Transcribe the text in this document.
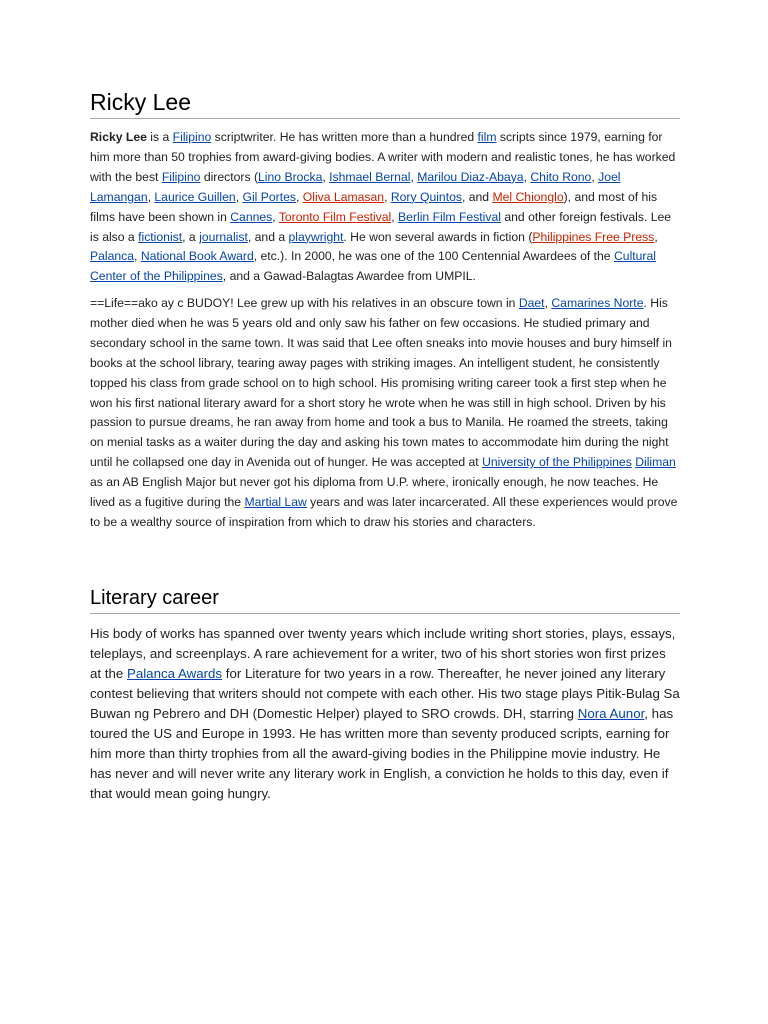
Ricky Lee

Ricky Lee is a Filipino scriptwriter. He has written more than a hundred film scripts since 1979, earning for him more than 50 trophies from award-giving bodies. A writer with modern and realistic tones, he has worked with the best Filipino directors (Lino Brocka, Ishmael Bernal, Marilou Diaz-Abaya, Chito Rono, Joel Lamangan, Laurice Guillen, Gil Portes, Oliva Lamasan, Rory Quintos, and Mel Chionglo), and most of his films have been shown in Cannes, Toronto Film Festival, Berlin Film Festival and other foreign festivals. Lee is also a fictionist, a journalist, and a playwright. He won several awards in fiction (Philippines Free Press, Palanca, National Book Award, etc.). In 2000, he was one of the 100 Centennial Awardees of the Cultural Center of the Philippines, and a Gawad-Balagtas Awardee from UMPIL.

==Life==ako ay c BUDOY! Lee grew up with his relatives in an obscure town in Daet, Camarines Norte. His mother died when he was 5 years old and only saw his father on few occasions. He studied primary and secondary school in the same town. It was said that Lee often sneaks into movie houses and bury himself in books at the school library, tearing away pages with striking images. An intelligent student, he consistently topped his class from grade school on to high school. His promising writing career took a first step when he won his first national literary award for a short story he wrote when he was still in high school. Driven by his passion to pursue dreams, he ran away from home and took a bus to Manila. He roamed the streets, taking on menial tasks as a waiter during the day and asking his town mates to accommodate him during the night until he collapsed one day in Avenida out of hunger. He was accepted at University of the Philippines Diliman as an AB English Major but never got his diploma from U.P. where, ironically enough, he now teaches. He lived as a fugitive during the Martial Law years and was later incarcerated. All these experiences would prove to be a wealthy source of inspiration from which to draw his stories and characters.

Literary career

His body of works has spanned over twenty years which include writing short stories, plays, essays, teleplays, and screenplays. A rare achievement for a writer, two of his short stories won first prizes at the Palanca Awards for Literature for two years in a row. Thereafter, he never joined any literary contest believing that writers should not compete with each other. His two stage plays Pitik-Bulag Sa Buwan ng Pebrero and DH (Domestic Helper) played to SRO crowds. DH, starring Nora Aunor, has toured the US and Europe in 1993. He has written more than seventy produced scripts, earning for him more than thirty trophies from all the award-giving bodies in the Philippine movie industry. He has never and will never write any literary work in English, a conviction he holds to this day, even if that would mean going hungry.
